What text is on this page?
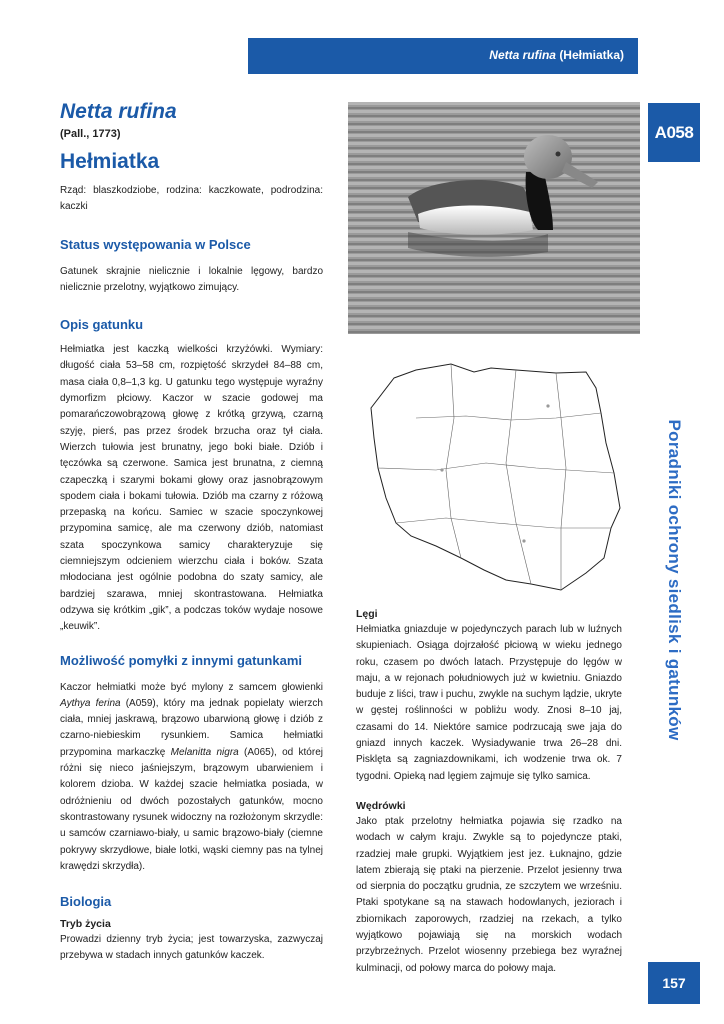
Netta rufina (Hełmiatka)
A058
Poradniki ochrony siedlisk i gatunków
157
Netta rufina

(Pall., 1773)

Hełmiatka

Rząd: blaszkodziobe, rodzina: kaczkowate, podrodzina: kaczki

Status występowania w Polsce

Gatunek skrajnie nielicznie i lokalnie lęgowy, bardzo nielicznie przelotny, wyjątkowo zimujący.

Opis gatunku

Hełmiatka jest kaczką wielkości krzyżówki. Wymiary: długość ciała 53–58 cm, rozpiętość skrzydeł 84–88 cm, masa ciała 0,8–1,3 kg. U gatunku tego występuje wyraźny dymorfizm płciowy. Kaczor w szacie godowej ma pomarańczowobrązową głowę z krótką grzywą, czarną szyję, pierś, pas przez środek brzucha oraz tył ciała. Wierzch tułowia jest brunatny, jego boki białe. Dziób i tęczówka są czerwone. Samica jest brunatna, z ciemną czapeczką i szarymi bokami głowy oraz jasnobrązowym spodem ciała i bokami tułowia. Dziób ma czarny z różową przepaską na końcu. Samiec w szacie spoczynkowej przypomina samicę, ale ma czerwony dziób, natomiast szata spoczynkowa samicy charakteryzuje się ciemniejszym odcieniem wierzchu ciała i boków. Szata młodociana jest ogólnie podobna do szaty samicy, ale bardziej szarawa, mniej skontrastowana. Hełmiatka odzywa się krótkim „gik”, a podczas toków wydaje nosowe „keuwik”.

Możliwość pomyłki z innymi gatunkami

Kaczor hełmiatki może być mylony z samcem głowienki Aythya ferina (A059), który ma jednak popielaty wierzch ciała, mniej jaskrawą, brązowo ubarwioną głowę i dziób z czarno-niebieskim rysunkiem. Samica hełmiatki przypomina markaczkę Melanitta nigra (A065), od której różni się nieco jaśniejszym, brązowym ubarwieniem i kolorem dzioba. W każdej szacie hełmiatka posiada, w odróżnieniu od dwóch pozostałych gatunków, mocno skontrastowany rysunek widoczny na rozłożonym skrzydle: u samców czarniawo-biały, u samic brązowo-biały (ciemne pokrywy skrzydłowe, białe lotki, wąski ciemny pas na tylnej krawędzi skrzydła).

Biologia
Tryb życia

Prowadzi dzienny tryb życia; jest towarzyska, zazwyczaj przebywa w stadach innych gatunków kaczek.

Lęgi

Hełmiatka gniazduje w pojedynczych parach lub w luźnych skupieniach. Osiąga dojrzałość płciową w wieku jednego roku, czasem po dwóch latach. Przystępuje do lęgów w maju, a w rejonach południowych już w kwietniu. Gniazdo buduje z liści, traw i puchu, zwykle na suchym lądzie, ukryte w gęstej roślinności w pobliżu wody. Znosi 8–10 jaj, czasami do 14. Niektóre samice podrzucają swe jaja do gniazd innych kaczek. Wysiadywanie trwa 26–28 dni. Pisklęta są zagniazdownikami, ich wodzenie trwa ok. 7 tygodni. Opieką nad lęgiem zajmuje się tylko samica.

Wędrówki

Jako ptak przelotny hełmiatka pojawia się rzadko na wodach w całym kraju. Zwykle są to pojedyncze ptaki, rzadziej małe grupki. Wyjątkiem jest jez. Łuknajno, gdzie latem zbierają się ptaki na pierzenie. Przelot jesienny trwa od sierpnia do początku grudnia, ze szczytem we wrześniu. Ptaki spotykane są na stawach hodowlanych, jeziorach i zbiornikach zaporowych, rzadziej na rzekach, a tylko wyjątkowo pojawiają się na morskich wodach przybrzeżnych. Przelot wiosenny przebiega bez wyraźnej kulminacji, od połowy marca do połowy maja.
